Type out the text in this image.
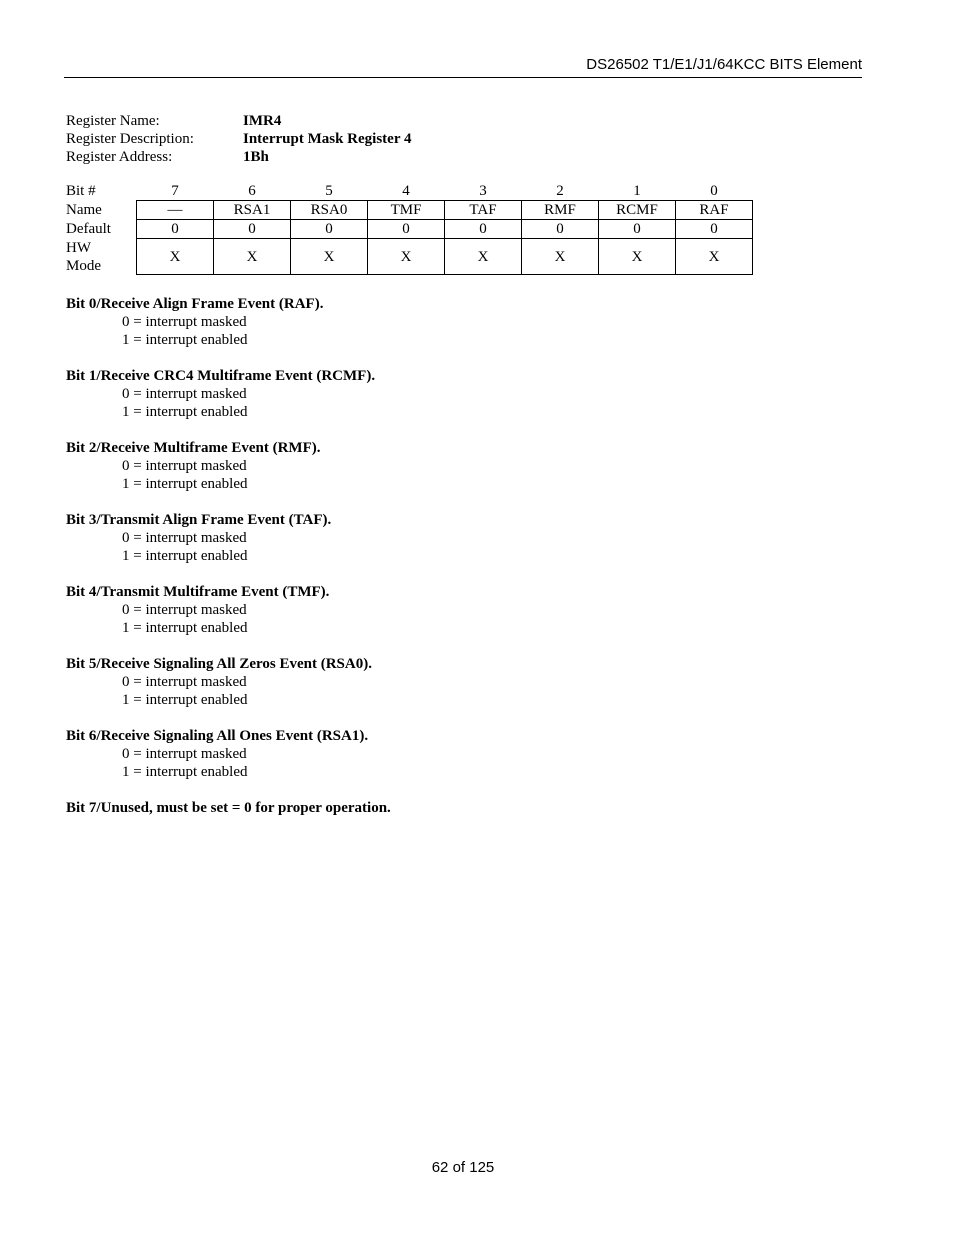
DS26502 T1/E1/J1/64KCC BITS Element
Register Name:	IMR4
Register Description:	Interrupt Mask Register 4
Register Address:	1Bh
Bit #	7	6	5	4	3	2	1	0
Name	—	RSA1	RSA0	TMF	TAF	RMF	RCMF	RAF
Default	0	0	0	0	0	0	0	0
HW
Mode	X	X	X	X	X	X	X	X
Bit 0/Receive Align Frame Event (RAF).
0 = interrupt masked
1 = interrupt enabled
Bit 1/Receive CRC4 Multiframe Event (RCMF).
0 = interrupt masked
1 = interrupt enabled
Bit 2/Receive Multiframe Event (RMF).
0 = interrupt masked
1 = interrupt enabled
Bit 3/Transmit Align Frame Event (TAF).
0 = interrupt masked
1 = interrupt enabled
Bit 4/Transmit Multiframe Event (TMF).
0 = interrupt masked
1 = interrupt enabled
Bit 5/Receive Signaling All Zeros Event (RSA0).
0 = interrupt masked
1 = interrupt enabled
Bit 6/Receive Signaling All Ones Event (RSA1).
0 = interrupt masked
1 = interrupt enabled
Bit 7/Unused, must be set = 0 for proper operation.
62 of 125
